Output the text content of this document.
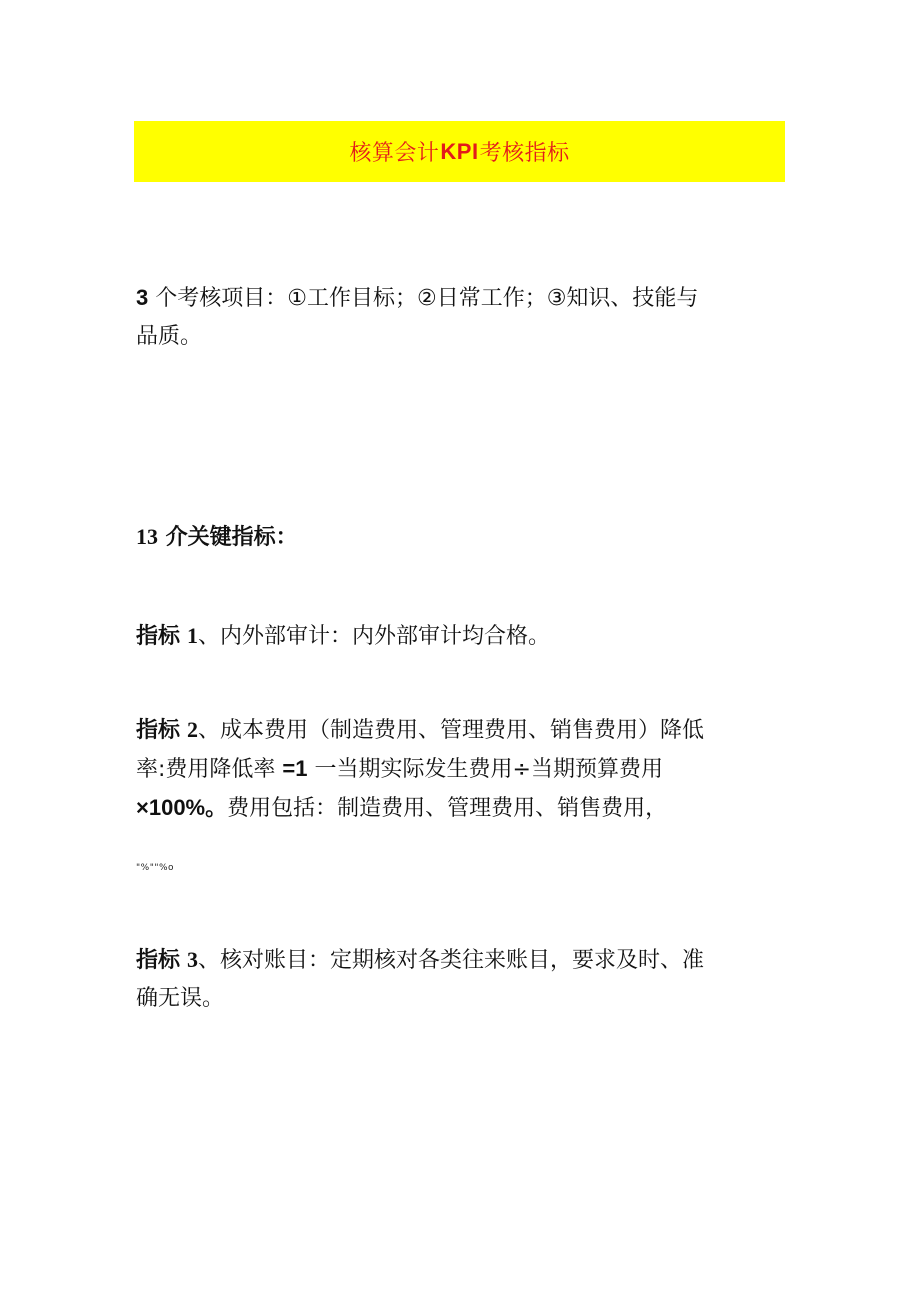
核算会计 KPI 考核指标

3 个考核项目：①工作目标；②日常工作；③知识、技能与
品质。

13 介关键指标：

指标 1、内外部审计：内外部审计均合格。

指标 2、成本费用（制造费用、管理费用、销售费用）降低
率:费用降低率 =1 一当期实际发生费用÷当期预算费用
×100%。费用包括：制造费用、管理费用、销售费用，

"%""%o

指标 3、核对账目：定期核对各类往来账目，要求及时、准
确无误。
